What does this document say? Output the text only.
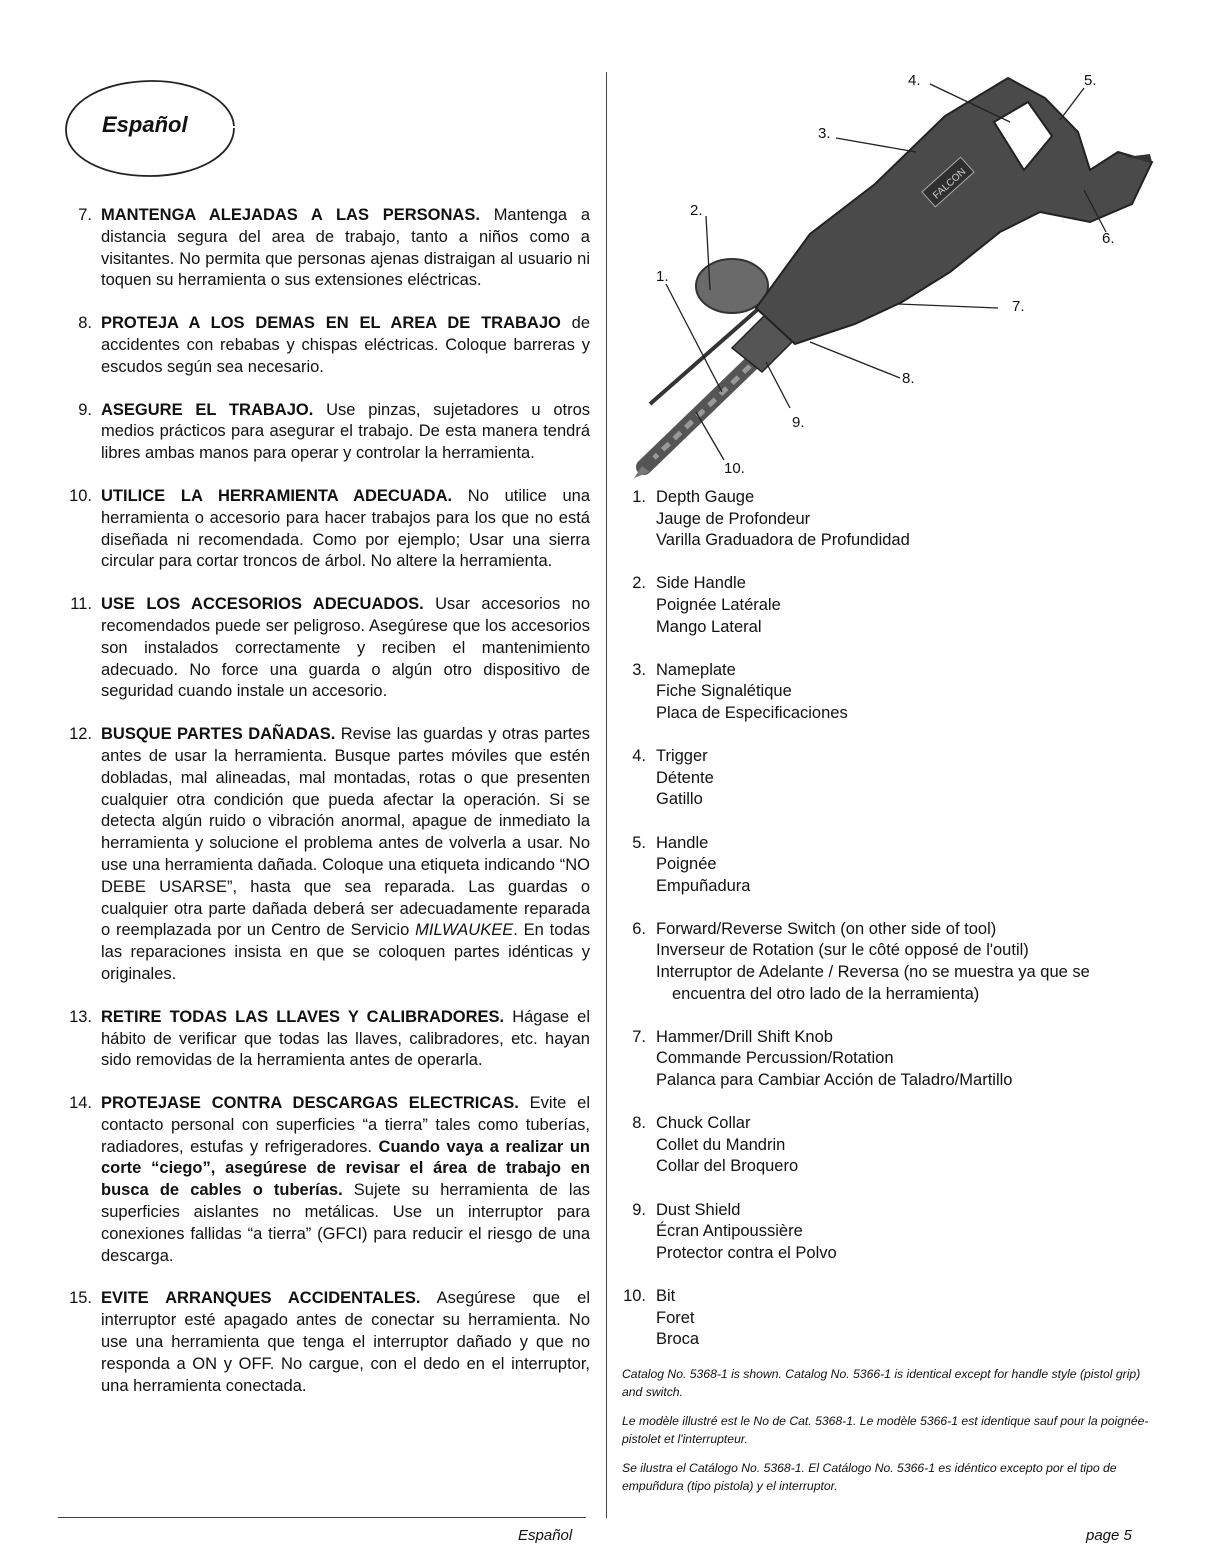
Español
7. MANTENGA ALEJADAS A LAS PERSONAS. Mantenga a distancia segura del area de trabajo, tanto a niños como a visitantes. No permita que personas ajenas distraigan al usuario ni toquen su herramienta o sus extensiones eléctricas.
8. PROTEJA A LOS DEMAS EN EL AREA DE TRABAJO de accidentes con rebabas y chispas eléctricas. Coloque barreras y escudos según sea necesario.
9. ASEGURE EL TRABAJO. Use pinzas, sujetadores u otros medios prácticos para asegurar el trabajo. De esta manera tendrá libres ambas manos para operar y controlar la herramienta.
10. UTILICE LA HERRAMIENTA ADECUADA. No utilice una herramienta o accesorio para hacer trabajos para los que no está diseñada ni recomendada. Como por ejemplo; Usar una sierra circular para cortar troncos de árbol. No altere la herramienta.
11. USE LOS ACCESORIOS ADECUADOS. Usar accesorios no recomendados puede ser peligroso. Asegúrese que los accesorios son instalados correctamente y reciben el mantenimiento adecuado. No force una guarda o algún otro dispositivo de seguridad cuando instale un accesorio.
12. BUSQUE PARTES DAÑADAS. Revise las guardas y otras partes antes de usar la herramienta. Busque partes móviles que estén dobladas, mal alineadas, mal montadas, rotas o que presenten cualquier otra condición que pueda afectar la operación. Si se detecta algún ruido o vibración anormal, apague de inmediato la herramienta y solucione el problema antes de volverla a usar. No use una herramienta dañada. Coloque una etiqueta indicando “NO DEBE USARSE”, hasta que sea reparada. Las guardas o cualquier otra parte dañada deberá ser adecuadamente reparada o reemplazada por un Centro de Servicio MILWAUKEE. En todas las reparaciones insista en que se coloquen partes idénticas y originales.
13. RETIRE TODAS LAS LLAVES Y CALIBRADORES. Hágase el hábito de verificar que todas las llaves, calibradores, etc. hayan sido removidas de la herramienta antes de operarla.
14. PROTEJASE CONTRA DESCARGAS ELECTRICAS. Evite el contacto personal con superficies “a tierra” tales como tuberías, radiadores, estufas y refrigeradores. Cuando vaya a realizar un corte “ciego”, asegúrese de revisar el área de trabajo en busca de cables o tuberías. Sujete su herramienta de las superficies aislantes no metálicas. Use un interruptor para conexiones fallidas “a tierra” (GFCI) para reducir el riesgo de una descarga.
15. EVITE ARRANQUES ACCIDENTALES. Asegúrese que el interruptor esté apagado antes de conectar su herramienta. No use una herramienta que tenga el interruptor dañado y que no responda a ON y OFF. No cargue, con el dedo en el interruptor, una herramienta conectada.
FALCON
1.
2.
3.
4.	5.
6.
7.
8.
9.
10.
1. Depth Gauge
Jauge de Profondeur
Varilla Graduadora de Profundidad
2. Side Handle
Poignée Latérale
Mango Lateral
3. Nameplate
Fiche Signalétique
Placa de Especificaciones
4. Trigger
Détente
Gatillo
5. Handle
Poignée
Empuñadura
6. Forward/Reverse Switch (on other side of tool)
Inverseur de Rotation (sur le côté opposé de l'outil)
Interruptor de Adelante / Reversa (no se muestra ya que se
encuentra del otro lado de la herramienta)
7. Hammer/Drill Shift Knob
Commande Percussion/Rotation
Palanca para Cambiar Acción de Taladro/Martillo
8. Chuck Collar
Collet du Mandrin
Collar del Broquero
9. Dust Shield
Écran Antipoussière
Protector contra el Polvo
10. Bit
Foret
Broca
Catalog No. 5368-1 is shown. Catalog No. 5366-1 is identical except for handle style (pistol grip) and switch.
Le modèle illustré est le No de Cat. 5368-1. Le modèle 5366-1 est identique sauf pour la poignée-pistolet et l'interrupteur.
Se ilustra el Catálogo No. 5368-1. El Catálogo No. 5366-1 es idéntico excepto por el tipo de empuñdura (tipo pistola) y el interruptor.
Español	page 5
